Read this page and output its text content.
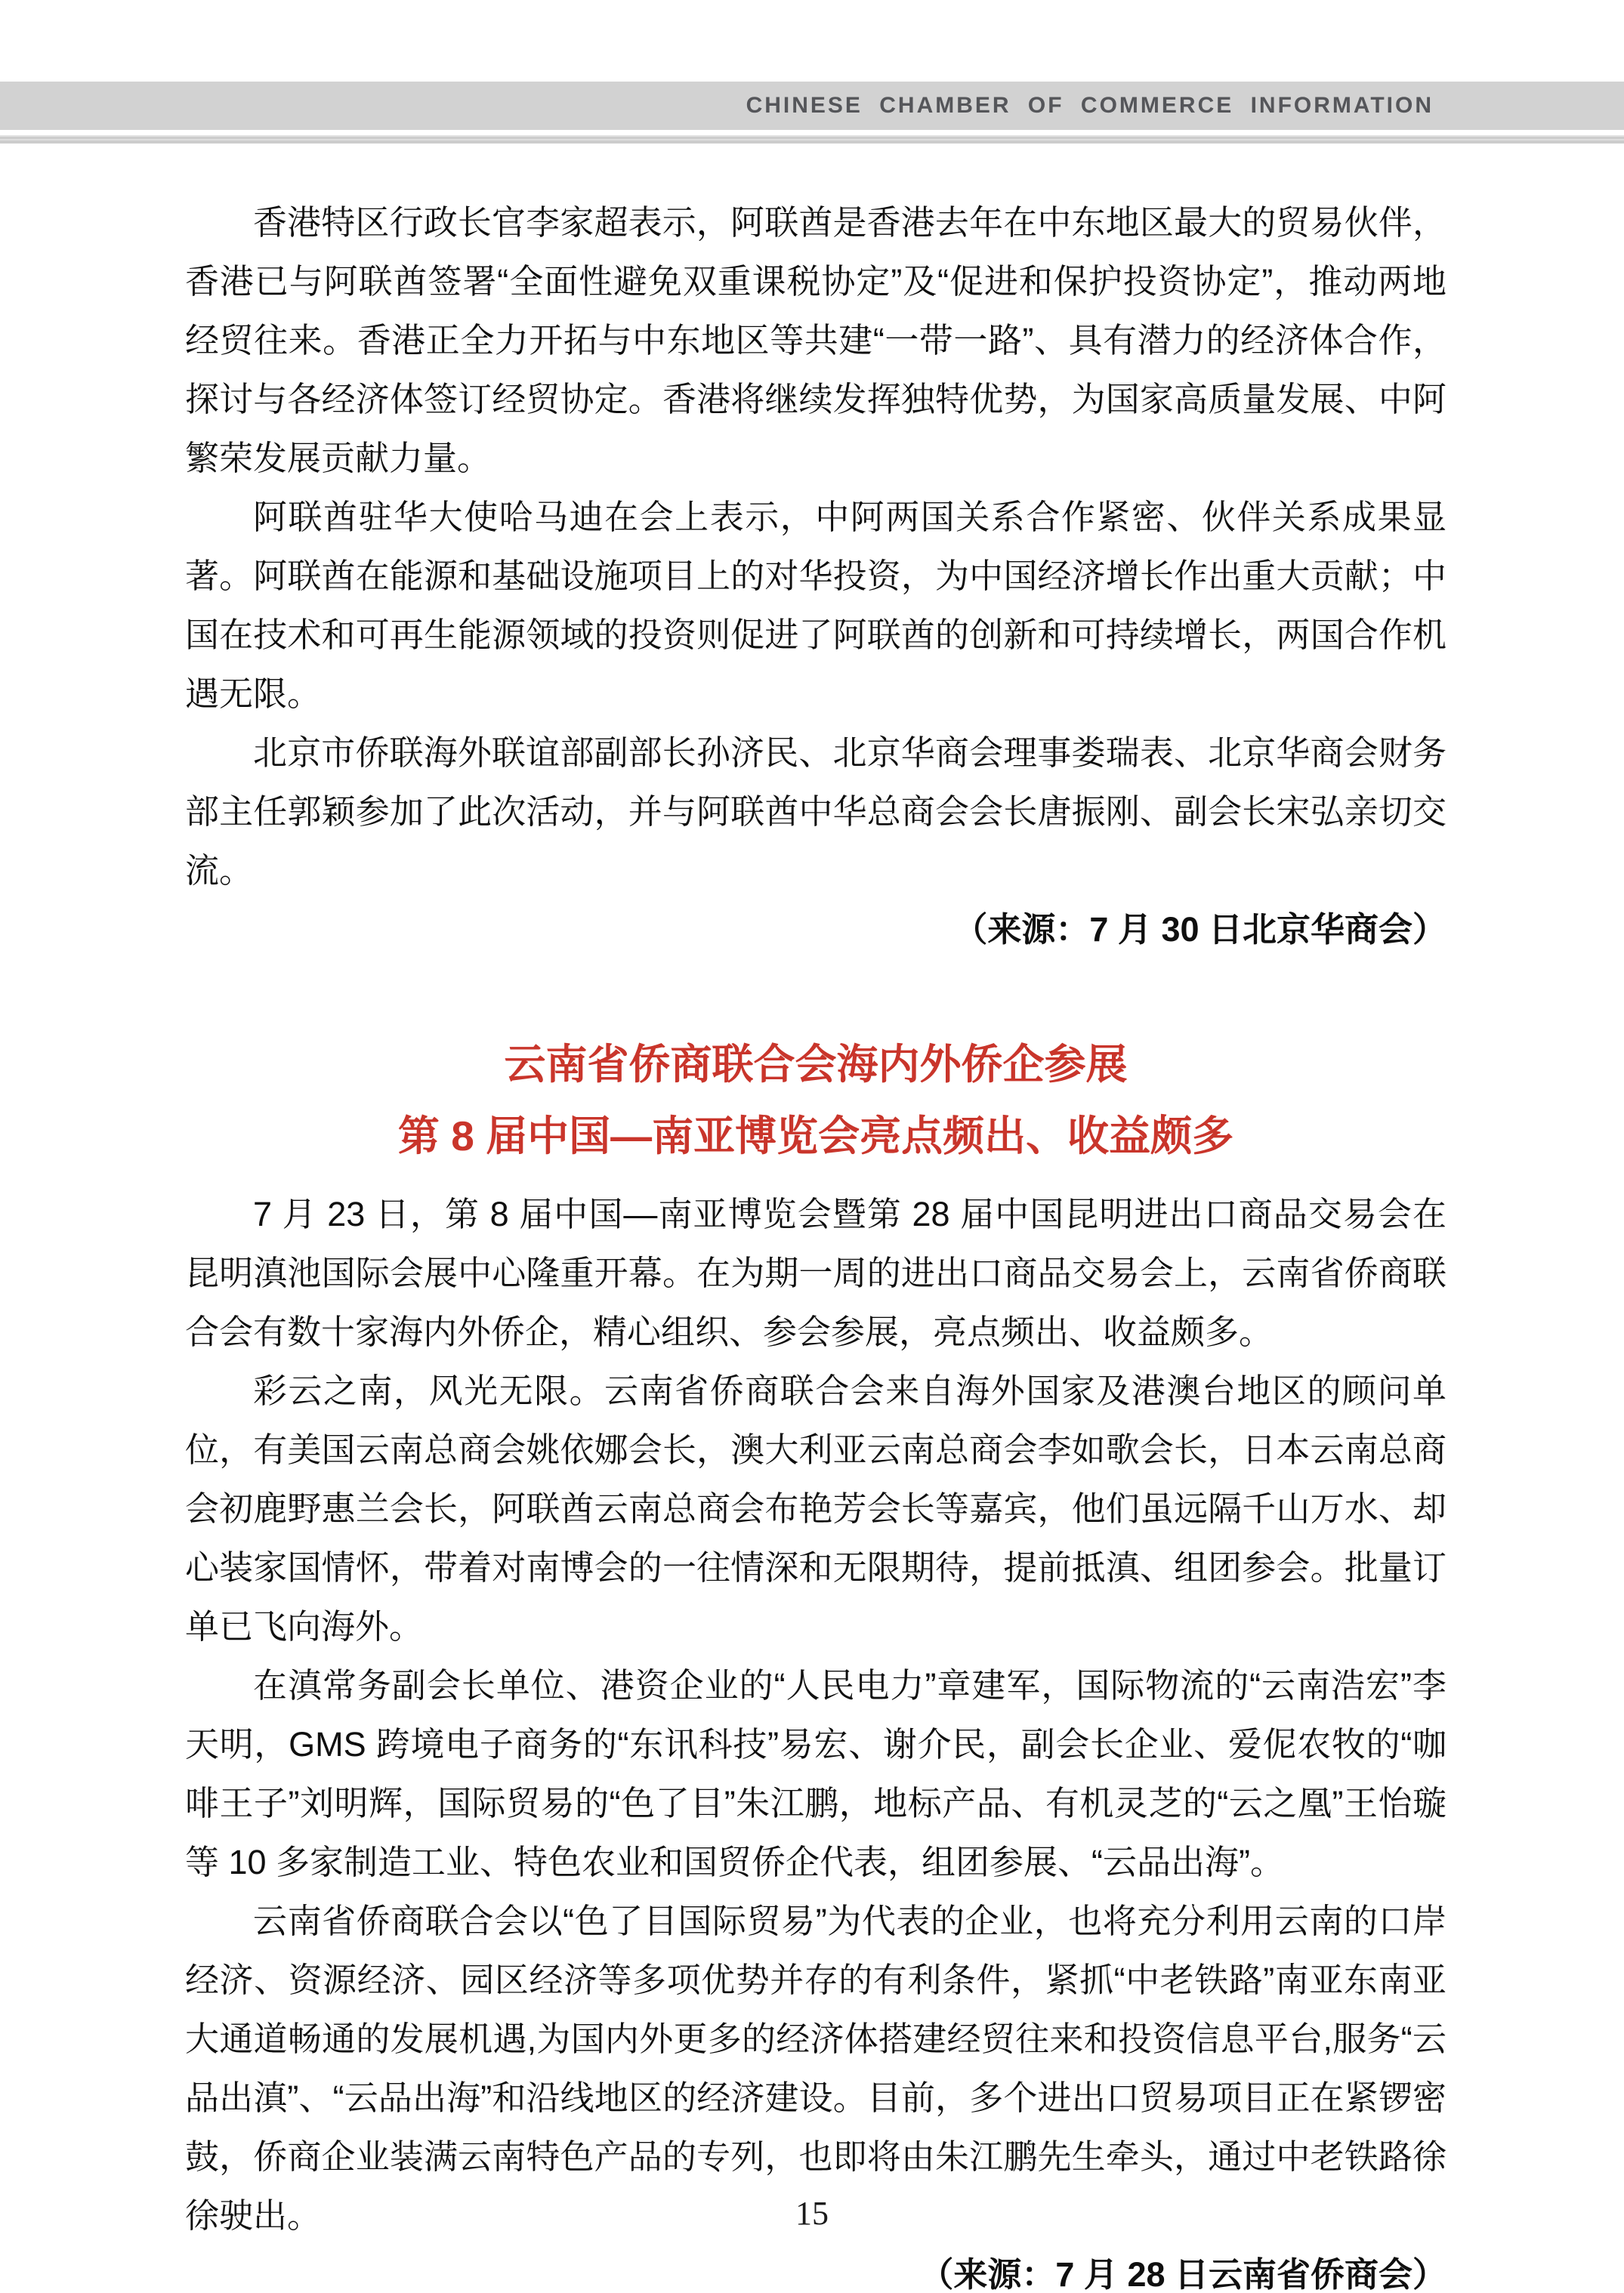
CHINESE CHAMBER OF COMMERCE INFORMATION

香港特区行政长官李家超表示，阿联酋是香港去年在中东地区最大的贸易伙伴，香港已与阿联酋签署“全面性避免双重课税协定”及“促进和保护投资协定”，推动两地经贸往来。香港正全力开拓与中东地区等共建“一带一路”、具有潜力的经济体合作，探讨与各经济体签订经贸协定。香港将继续发挥独特优势，为国家高质量发展、中阿繁荣发展贡献力量。

阿联酋驻华大使哈马迪在会上表示，中阿两国关系合作紧密、伙伴关系成果显著。阿联酋在能源和基础设施项目上的对华投资，为中国经济增长作出重大贡献；中国在技术和可再生能源领域的投资则促进了阿联酋的创新和可持续增长，两国合作机遇无限。

北京市侨联海外联谊部副部长孙济民、北京华商会理事娄瑞表、北京华商会财务部主任郭颖参加了此次活动，并与阿联酋中华总商会会长唐振刚、副会长宋弘亲切交流。

（来源：7 月 30 日北京华商会）

云南省侨商联合会海内外侨企参展
第 8 届中国—南亚博览会亮点频出、收益颇多

7 月 23 日，第 8 届中国—南亚博览会暨第 28 届中国昆明进出口商品交易会在昆明滇池国际会展中心隆重开幕。在为期一周的进出口商品交易会上，云南省侨商联合会有数十家海内外侨企，精心组织、参会参展，亮点频出、收益颇多。

彩云之南，风光无限。云南省侨商联合会来自海外国家及港澳台地区的顾问单位，有美国云南总商会姚依娜会长，澳大利亚云南总商会李如歌会长，日本云南总商会初鹿野惠兰会长，阿联酋云南总商会布艳芳会长等嘉宾，他们虽远隔千山万水、却心装家国情怀，带着对南博会的一往情深和无限期待，提前抵滇、组团参会。批量订单已飞向海外。

在滇常务副会长单位、港资企业的“人民电力”章建军，国际物流的“云南浩宏”李天明，GMS 跨境电子商务的“东讯科技”易宏、谢介民，副会长企业、爱伲农牧的“咖啡王子”刘明辉，国际贸易的“色了目”朱江鹏，地标产品、有机灵芝的“云之凰”王怡璇等 10 多家制造工业、特色农业和国贸侨企代表，组团参展、“云品出海”。

云南省侨商联合会以“色了目国际贸易”为代表的企业，也将充分利用云南的口岸经济、资源经济、园区经济等多项优势并存的有利条件，紧抓“中老铁路”南亚东南亚大通道畅通的发展机遇,为国内外更多的经济体搭建经贸往来和投资信息平台,服务“云品出滇”、“云品出海”和沿线地区的经济建设。目前，多个进出口贸易项目正在紧锣密鼓，侨商企业装满云南特色产品的专列，也即将由朱江鹏先生牵头，通过中老铁路徐徐驶出。

（来源：7 月 28 日云南省侨商会）

15
